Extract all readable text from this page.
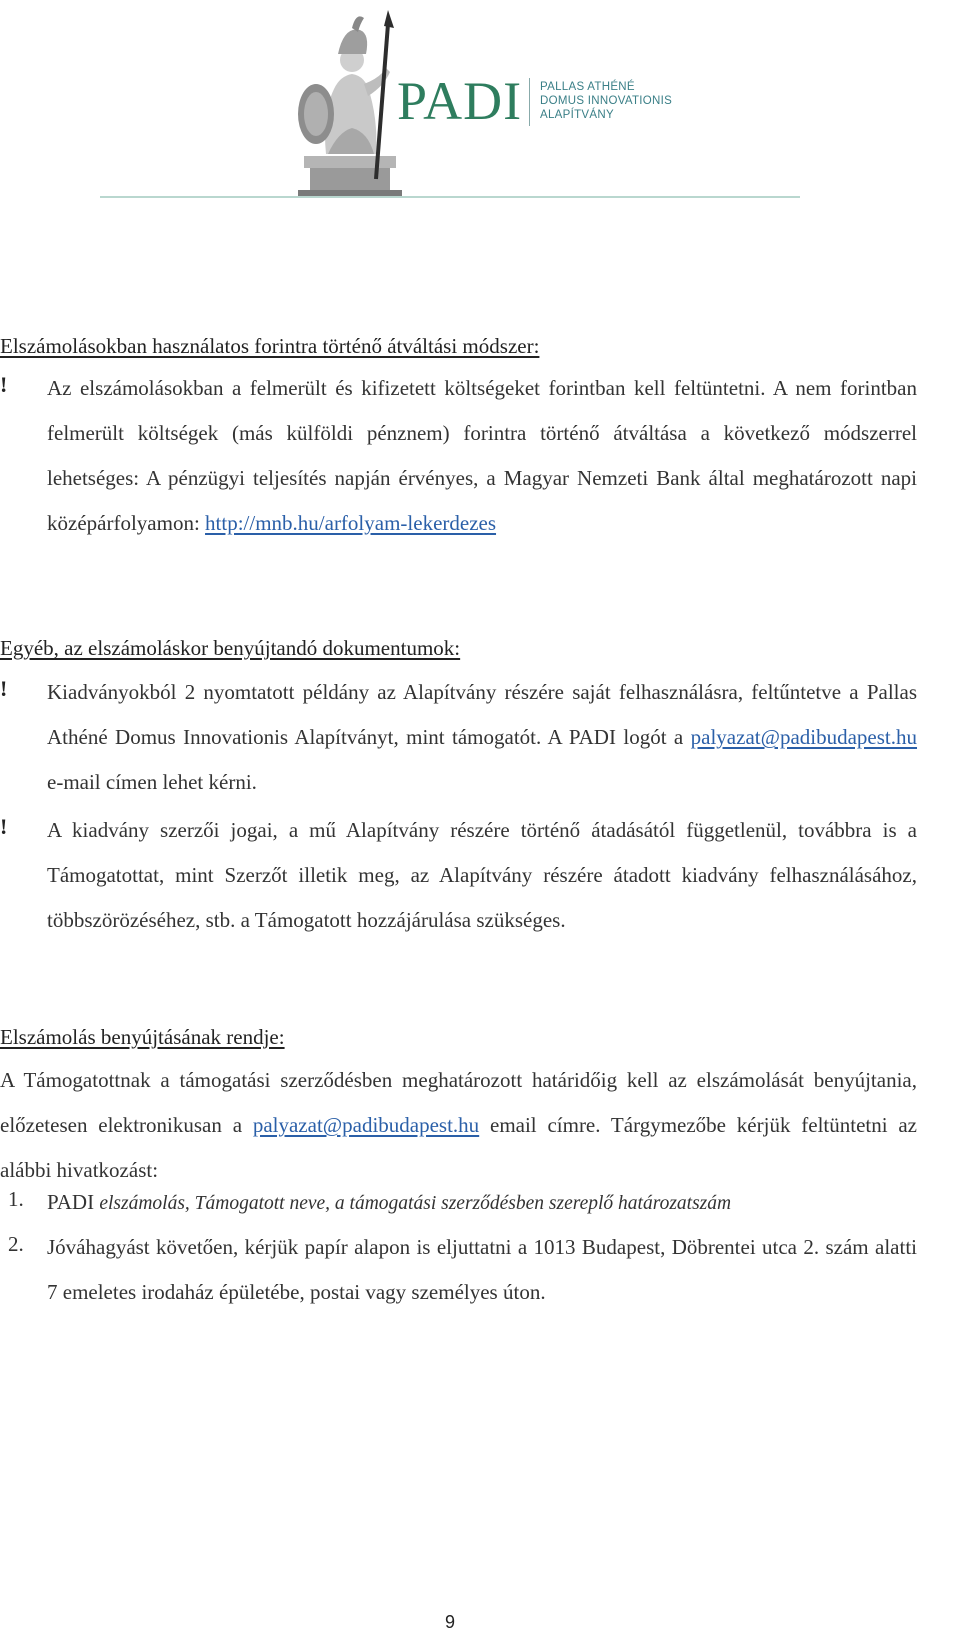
PADI PALLAS ATHÉNÉ
DOMUS INNOVATIONIS
ALAPÍTVÁNY
Elszámolásokban használatos forintra történő átváltási módszer:
! Az elszámolásokban a felmerült és kifizetett költségeket forintban kell feltüntetni. A nem forintban felmerült költségek (más külföldi pénznem) forintra történő átváltása a következő módszerrel lehetséges: A pénzügyi teljesítés napján érvényes, a Magyar Nemzeti Bank által meghatározott napi középárfolyamon: http://mnb.hu/arfolyam-lekerdezes
Egyéb, az elszámoláskor benyújtandó dokumentumok:
! Kiadványokból 2 nyomtatott példány az Alapítvány részére saját felhasználásra, feltűntetve a Pallas Athéné Domus Innovationis Alapítványt, mint támogatót. A PADI logót a palyazat@padibudapest.hu e-mail címen lehet kérni.
! A kiadvány szerzői jogai, a mű Alapítvány részére történő átadásától függetlenül, továbbra is a Támogatottat, mint Szerzőt illetik meg, az Alapítvány részére átadott kiadvány felhasználásához, többszörözéséhez, stb. a Támogatott hozzájárulása szükséges.
Elszámolás benyújtásának rendje:
A Támogatottnak a támogatási szerződésben meghatározott határidőig kell az elszámolását benyújtania, előzetesen elektronikusan a palyazat@padibudapest.hu email címre. Tárgymezőbe kérjük feltüntetni az alábbi hivatkozást:
1. PADI elszámolás, Támogatott neve, a támogatási szerződésben szereplő határozatszám
2. Jóváhagyást követően, kérjük papír alapon is eljuttatni a 1013 Budapest, Döbrentei utca 2. szám alatti 7 emeletes irodaház épületébe, postai vagy személyes úton.
9
